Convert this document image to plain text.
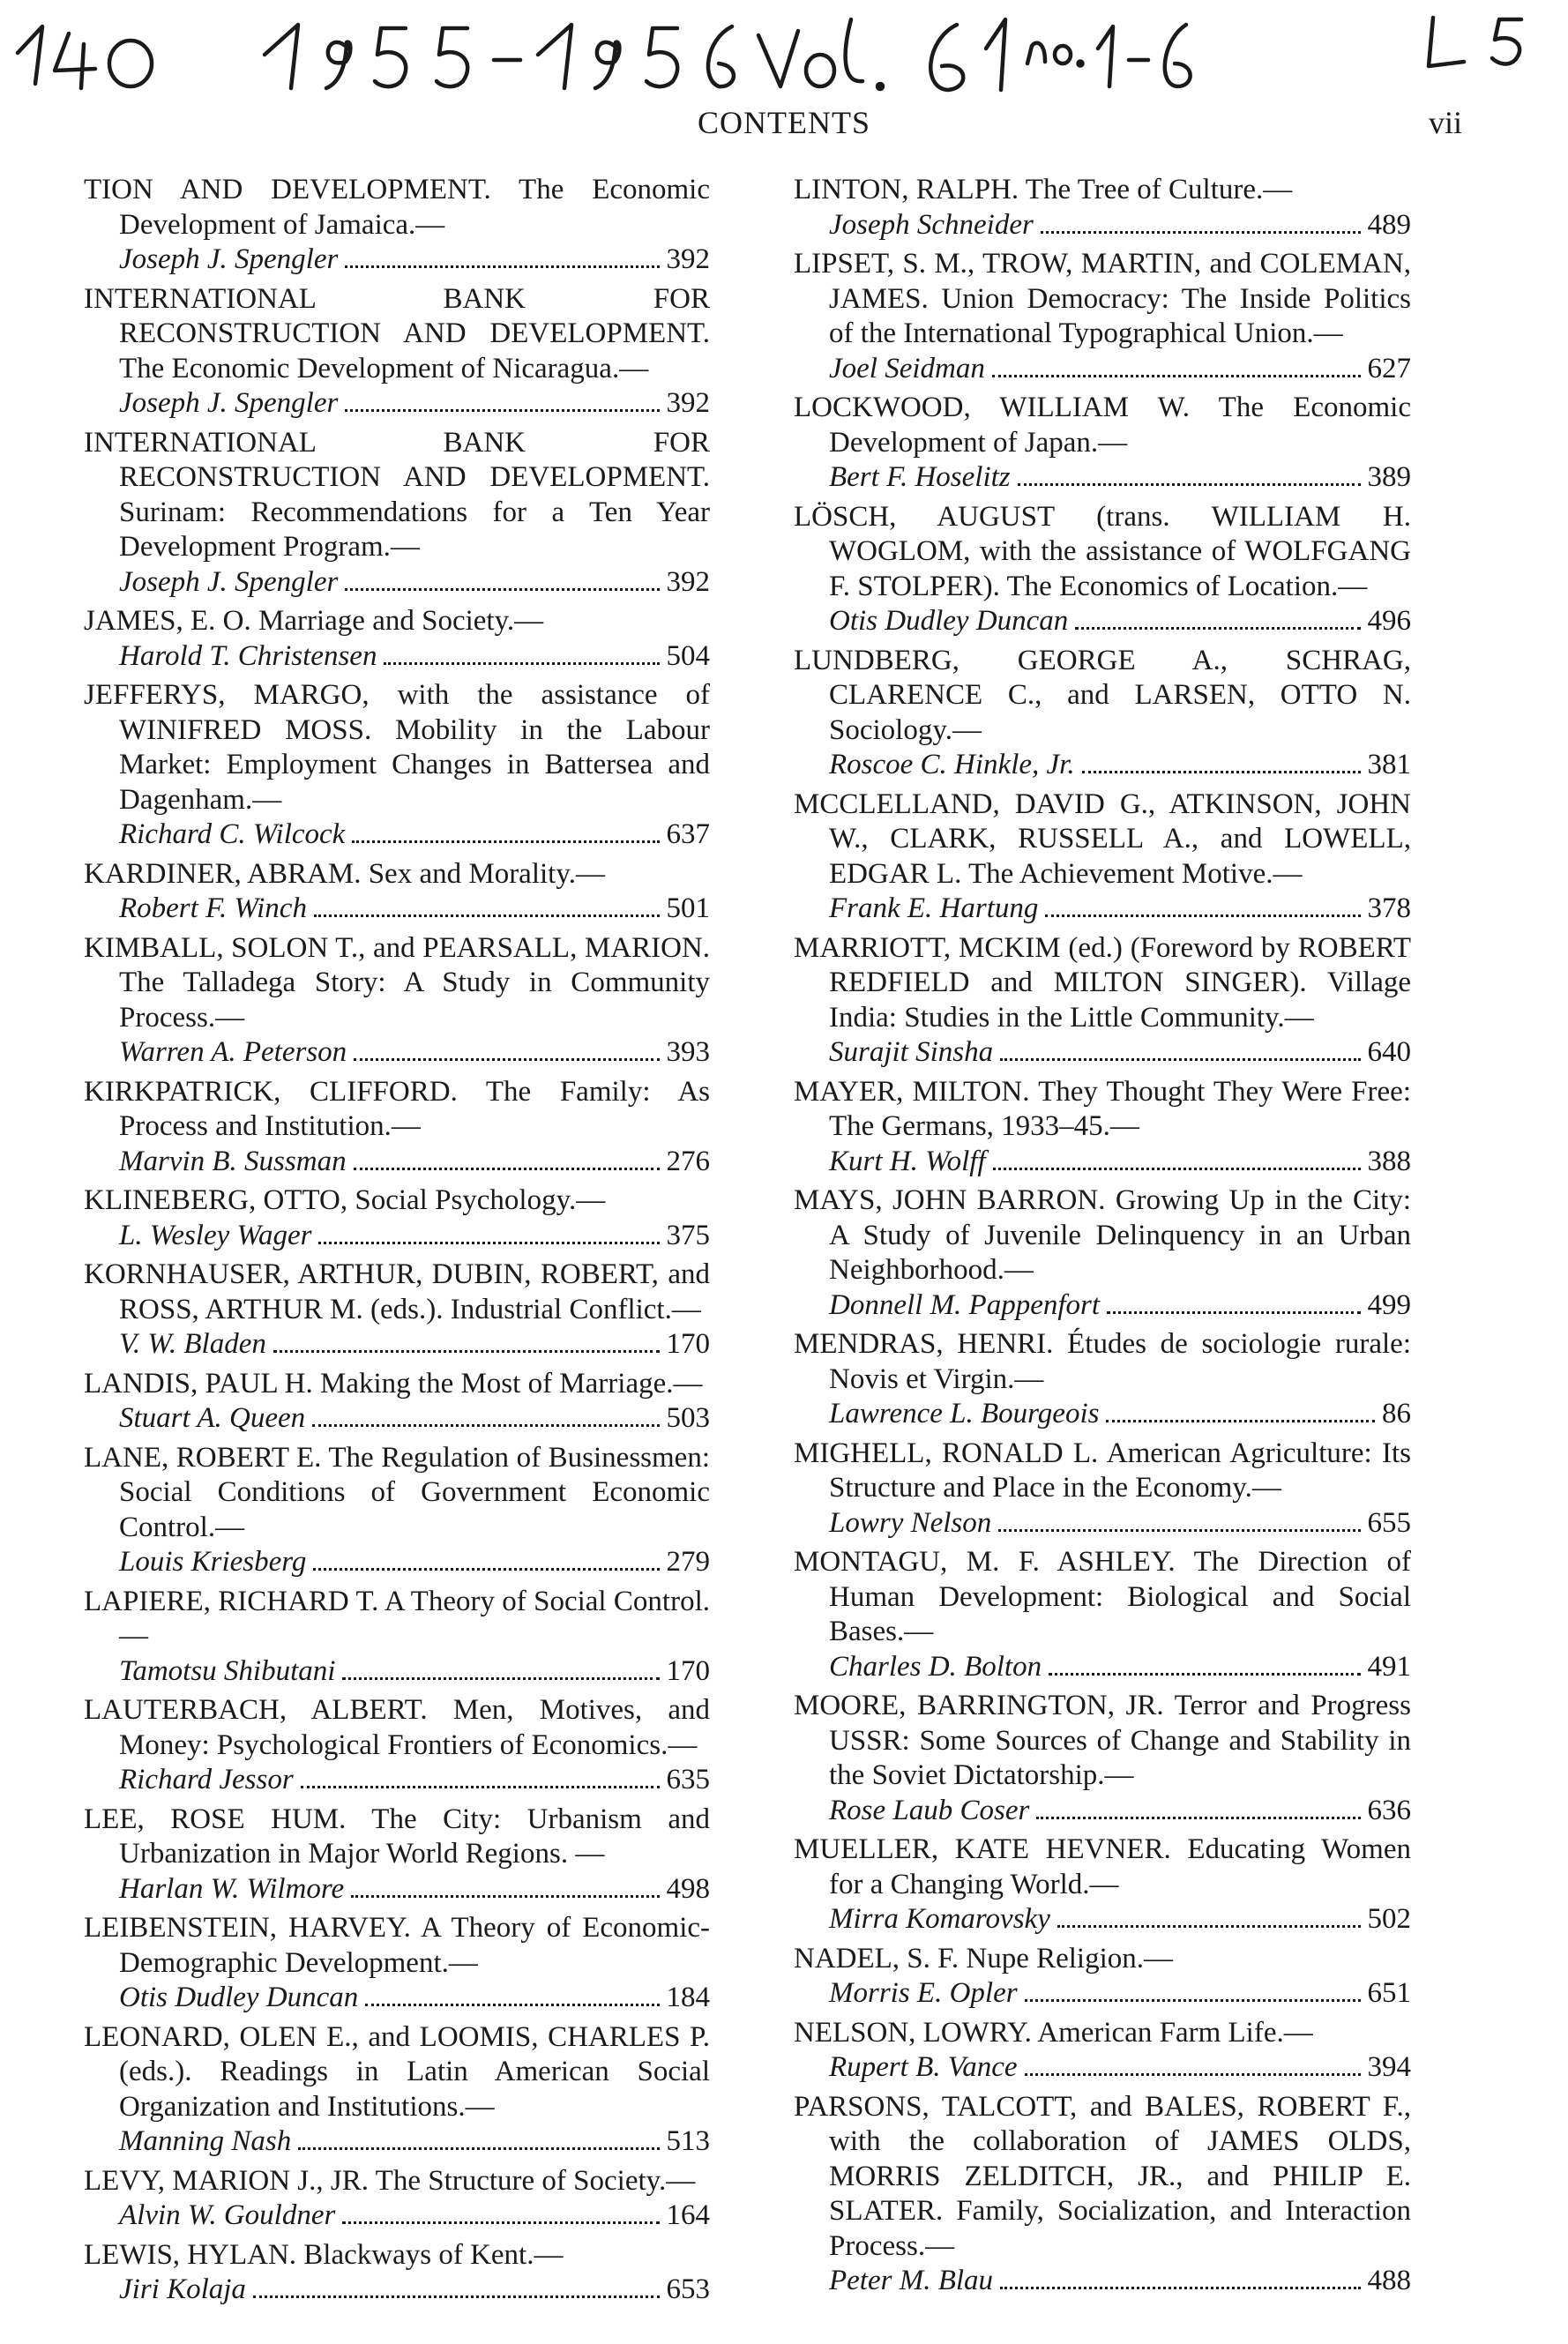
CONTENTS	vii
TION AND DEVELOPMENT. The Economic Development of Jamaica.—
Joseph J. Spengler	392
INTERNATIONAL BANK FOR RECONSTRUCTION AND DEVELOPMENT. The Economic Development of Nicaragua.—
Joseph J. Spengler	392
INTERNATIONAL BANK FOR RECONSTRUCTION AND DEVELOPMENT. Surinam: Recommendations for a Ten Year Development Program.—
Joseph J. Spengler	392
JAMES, E. O. Marriage and Society.—
Harold T. Christensen	504
JEFFERYS, MARGO, with the assistance of WINIFRED MOSS. Mobility in the Labour Market: Employment Changes in Battersea and Dagenham.—
Richard C. Wilcock	637
KARDINER, ABRAM. Sex and Morality.—
Robert F. Winch	501
KIMBALL, SOLON T., and PEARSALL, MARION. The Talladega Story: A Study in Community Process.—
Warren A. Peterson	393
KIRKPATRICK, CLIFFORD. The Family: As Process and Institution.—
Marvin B. Sussman	276
KLINEBERG, OTTO, Social Psychology.—
L. Wesley Wager	375
KORNHAUSER, ARTHUR, DUBIN, ROBERT, and ROSS, ARTHUR M. (eds.). Industrial Conflict.—
V. W. Bladen	170
LANDIS, PAUL H. Making the Most of Marriage.—
Stuart A. Queen	503
LANE, ROBERT E. The Regulation of Businessmen: Social Conditions of Government Economic Control.—
Louis Kriesberg	279
LAPIERE, RICHARD T. A Theory of Social Control.—
Tamotsu Shibutani	170
LAUTERBACH, ALBERT. Men, Motives, and Money: Psychological Frontiers of Economics.—
Richard Jessor	635
LEE, ROSE HUM. The City: Urbanism and Urbanization in Major World Regions. —
Harlan W. Wilmore	498
LEIBENSTEIN, HARVEY. A Theory of Economic-Demographic Development.—
Otis Dudley Duncan	184
LEONARD, OLEN E., and LOOMIS, CHARLES P. (eds.). Readings in Latin American Social Organization and Institutions.—
Manning Nash	513
LEVY, MARION J., JR. The Structure of Society.—
Alvin W. Gouldner	164
LEWIS, HYLAN. Blackways of Kent.—
Jiri Kolaja	653
LINTON, RALPH. The Tree of Culture.—
Joseph Schneider	489
LIPSET, S. M., TROW, MARTIN, and COLEMAN, JAMES. Union Democracy: The Inside Politics of the International Typographical Union.—
Joel Seidman	627
LOCKWOOD, WILLIAM W. The Economic Development of Japan.—
Bert F. Hoselitz	389
LÖSCH, AUGUST (trans. WILLIAM H. WOGLOM, with the assistance of WOLFGANG F. STOLPER). The Economics of Location.—
Otis Dudley Duncan	496
LUNDBERG, GEORGE A., SCHRAG, CLARENCE C., and LARSEN, OTTO N. Sociology.—
Roscoe C. Hinkle, Jr.	381
MCCLELLAND, DAVID G., ATKINSON, JOHN W., CLARK, RUSSELL A., and LOWELL, EDGAR L. The Achievement Motive.—
Frank E. Hartung	378
MARRIOTT, MCKIM (ed.) (Foreword by ROBERT REDFIELD and MILTON SINGER). Village India: Studies in the Little Community.—
Surajit Sinsha	640
MAYER, MILTON. They Thought They Were Free: The Germans, 1933–45.—
Kurt H. Wolff	388
MAYS, JOHN BARRON. Growing Up in the City: A Study of Juvenile Delinquency in an Urban Neighborhood.—
Donnell M. Pappenfort	499
MENDRAS, HENRI. Études de sociologie rurale: Novis et Virgin.—
Lawrence L. Bourgeois	86
MIGHELL, RONALD L. American Agriculture: Its Structure and Place in the Economy.—
Lowry Nelson	655
MONTAGU, M. F. ASHLEY. The Direction of Human Development: Biological and Social Bases.—
Charles D. Bolton	491
MOORE, BARRINGTON, JR. Terror and Progress USSR: Some Sources of Change and Stability in the Soviet Dictatorship.—
Rose Laub Coser	636
MUELLER, KATE HEVNER. Educating Women for a Changing World.—
Mirra Komarovsky	502
NADEL, S. F. Nupe Religion.—
Morris E. Opler	651
NELSON, LOWRY. American Farm Life.—
Rupert B. Vance	394
PARSONS, TALCOTT, and BALES, ROBERT F., with the collaboration of JAMES OLDS, MORRIS ZELDITCH, JR., and PHILIP E. SLATER. Family, Socialization, and Interaction Process.—
Peter M. Blau	488
